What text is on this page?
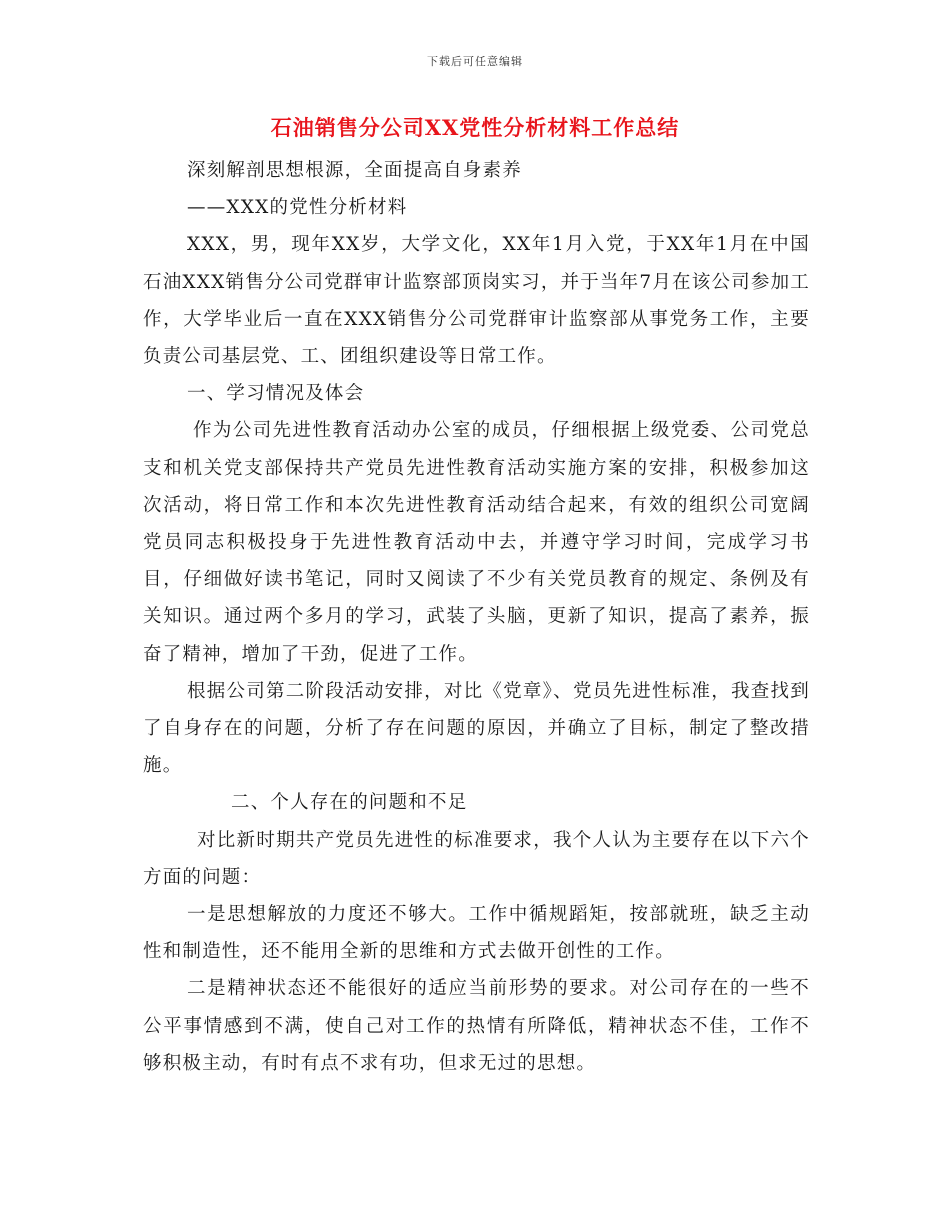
下载后可任意编辑
石油销售分公司XX党性分析材料工作总结

深刻解剖思想根源，全面提高自身素养

——XXX的党性分析材料

XXX，男，现年XX岁，大学文化，XX年1月入党，于XX年1月在中国石油XXX销售分公司党群审计监察部顶岗实习，并于当年7月在该公司参加工作，大学毕业后一直在XXX销售分公司党群审计监察部从事党务工作，主要负责公司基层党、工、团组织建设等日常工作。

一、学习情况及体会

作为公司先进性教育活动办公室的成员，仔细根据上级党委、公司党总支和机关党支部保持共产党员先进性教育活动实施方案的安排，积极参加这次活动，将日常工作和本次先进性教育活动结合起来，有效的组织公司宽阔党员同志积极投身于先进性教育活动中去，并遵守学习时间，完成学习书目，仔细做好读书笔记，同时又阅读了不少有关党员教育的规定、条例及有关知识。通过两个多月的学习，武装了头脑，更新了知识，提高了素养，振奋了精神，增加了干劲，促进了工作。

根据公司第二阶段活动安排，对比《党章》、党员先进性标准，我查找到了自身存在的问题，分析了存在问题的原因，并确立了目标，制定了整改措施。

二、个人存在的问题和不足

对比新时期共产党员先进性的标准要求，我个人认为主要存在以下六个方面的问题：

一是思想解放的力度还不够大。工作中循规蹈矩，按部就班，缺乏主动性和制造性，还不能用全新的思维和方式去做开创性的工作。

二是精神状态还不能很好的适应当前形势的要求。对公司存在的一些不公平事情感到不满，使自己对工作的热情有所降低，精神状态不佳，工作不够积极主动，有时有点不求有功，但求无过的思想。
